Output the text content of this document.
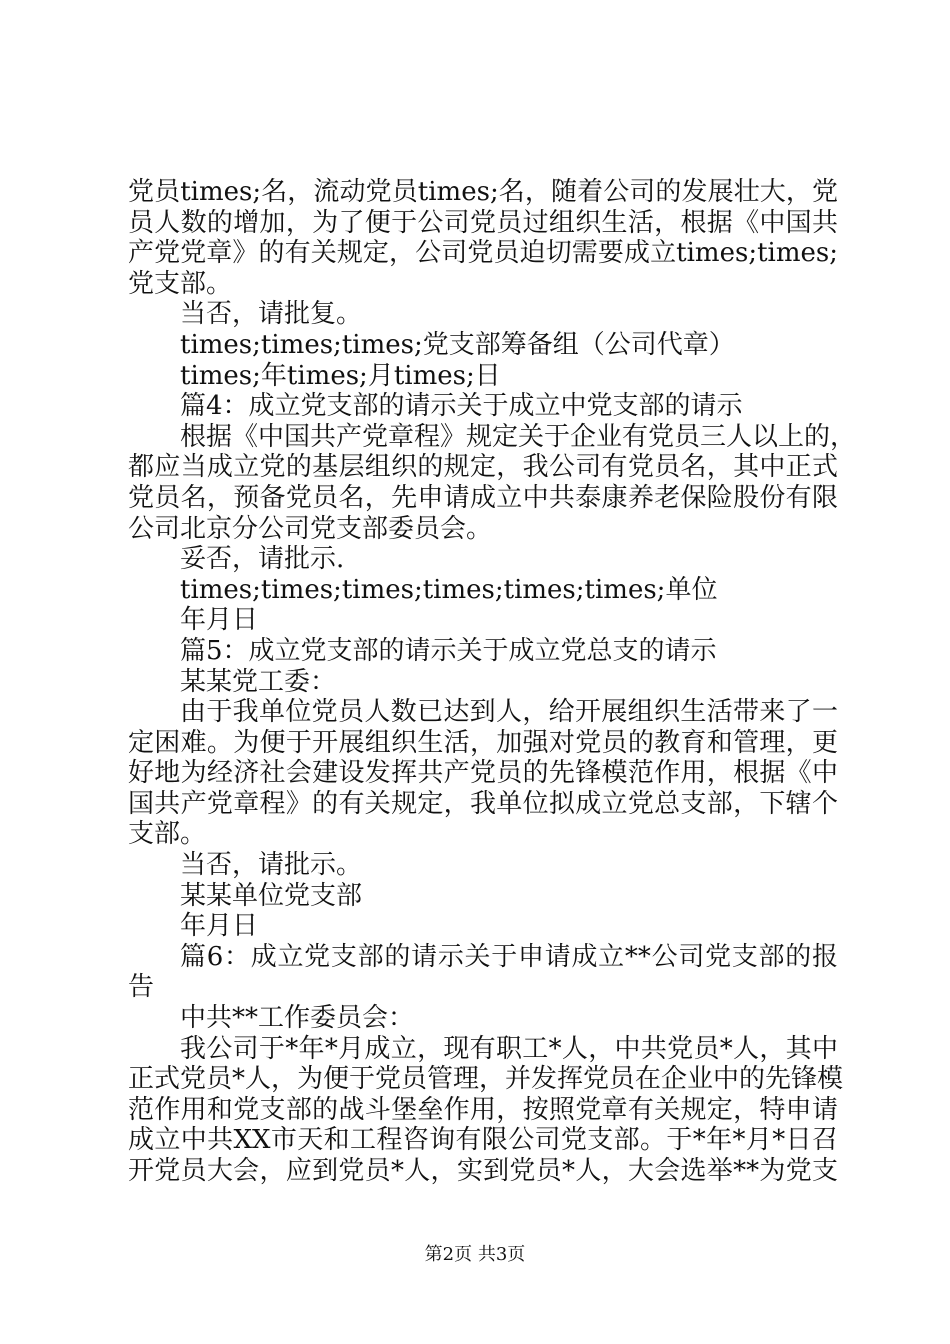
党员times;名，流动党员times;名，随着公司的发展壮大，党
员人数的增加，为了便于公司党员过组织生活，根据《中国共
产党党章》的有关规定，公司党员迫切需要成立times;times;
党支部。
当否，请批复。
times;times;times;党支部筹备组（公司代章）
times;年times;月times;日
篇4：成立党支部的请示关于成立中党支部的请示
根据《中国共产党章程》规定关于企业有党员三人以上的，
都应当成立党的基层组织的规定，我公司有党员名，其中正式
党员名，预备党员名，先申请成立中共泰康养老保险股份有限
公司北京分公司党支部委员会。
妥否，请批示.
times;times;times;times;times;times;单位
年月日
篇5：成立党支部的请示关于成立党总支的请示
某某党工委：
由于我单位党员人数已达到人，给开展组织生活带来了一
定困难。为便于开展组织生活，加强对党员的教育和管理，更
好地为经济社会建设发挥共产党员的先锋模范作用，根据《中
国共产党章程》的有关规定，我单位拟成立党总支部，下辖个
支部。
当否，请批示。
某某单位党支部
年月日
篇6：成立党支部的请示关于申请成立**公司党支部的报
告
中共**工作委员会：
我公司于*年*月成立，现有职工*人，中共党员*人，其中
正式党员*人，为便于党员管理，并发挥党员在企业中的先锋模
范作用和党支部的战斗堡垒作用，按照党章有关规定，特申请
成立中共XX市天和工程咨询有限公司党支部。于*年*月*日召
开党员大会，应到党员*人，实到党员*人，大会选举**为党支
第2页 共3页
